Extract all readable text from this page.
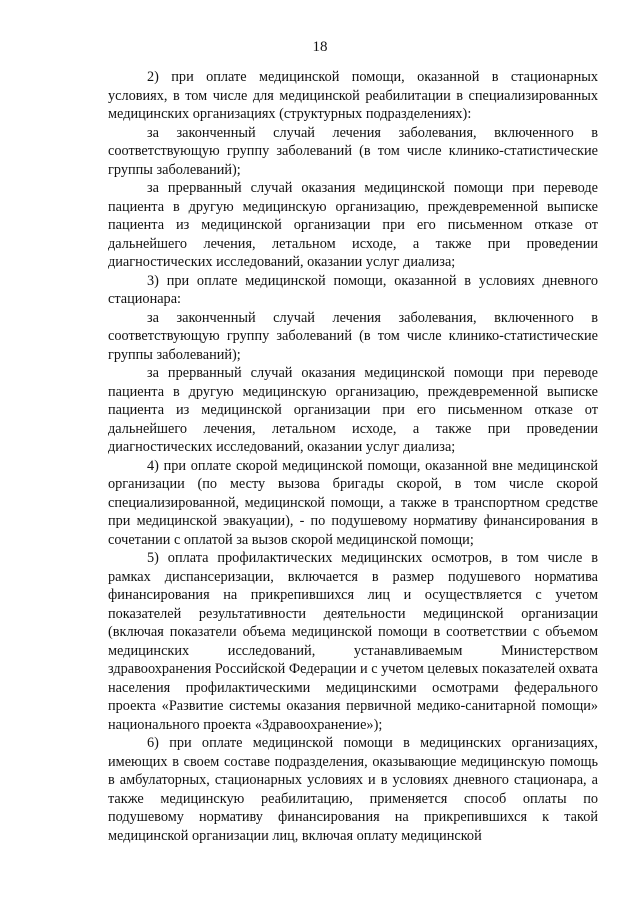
18

2) при оплате медицинской помощи, оказанной в стационарных условиях, в том числе для медицинской реабилитации в специализированных медицинских организациях (структурных подразделениях):

за законченный случай лечения заболевания, включенного в соответствующую группу заболеваний (в том числе клинико-статистические группы заболеваний);

за прерванный случай оказания медицинской помощи при переводе пациента в другую медицинскую организацию, преждевременной выписке пациента из медицинской организации при его письменном отказе от дальнейшего лечения, летальном исходе, а также при проведении диагностических исследований, оказании услуг диализа;

3) при оплате медицинской помощи, оказанной в условиях дневного стационара:

за законченный случай лечения заболевания, включенного в соответствующую группу заболеваний (в том числе клинико-статистические группы заболеваний);

за прерванный случай оказания медицинской помощи при переводе пациента в другую медицинскую организацию, преждевременной выписке пациента из медицинской организации при его письменном отказе от дальнейшего лечения, летальном исходе, а также при проведении диагностических исследований, оказании услуг диализа;

4) при оплате скорой медицинской помощи, оказанной вне медицинской организации (по месту вызова бригады скорой, в том числе скорой специализированной, медицинской помощи, а также в транспортном средстве при медицинской эвакуации), - по подушевому нормативу финансирования в сочетании с оплатой за вызов скорой медицинской помощи;

5) оплата профилактических медицинских осмотров, в том числе в рамках диспансеризации, включается в размер подушевого норматива финансирования на прикрепившихся лиц и осуществляется с учетом показателей результативности деятельности медицинской организации (включая показатели объема медицинской помощи в соответствии с объемом медицинских исследований, устанавливаемым Министерством здравоохранения Российской Федерации и с учетом целевых показателей охвата населения профилактическими медицинскими осмотрами федерального проекта «Развитие системы оказания первичной медико-санитарной помощи» национального проекта «Здравоохранение»);

6) при оплате медицинской помощи в медицинских организациях, имеющих в своем составе подразделения, оказывающие медицинскую помощь в амбулаторных, стационарных условиях и в условиях дневного стационара, а также медицинскую реабилитацию, применяется способ оплаты по подушевому нормативу финансирования на прикрепившихся к такой медицинской организации лиц, включая оплату медицинской
